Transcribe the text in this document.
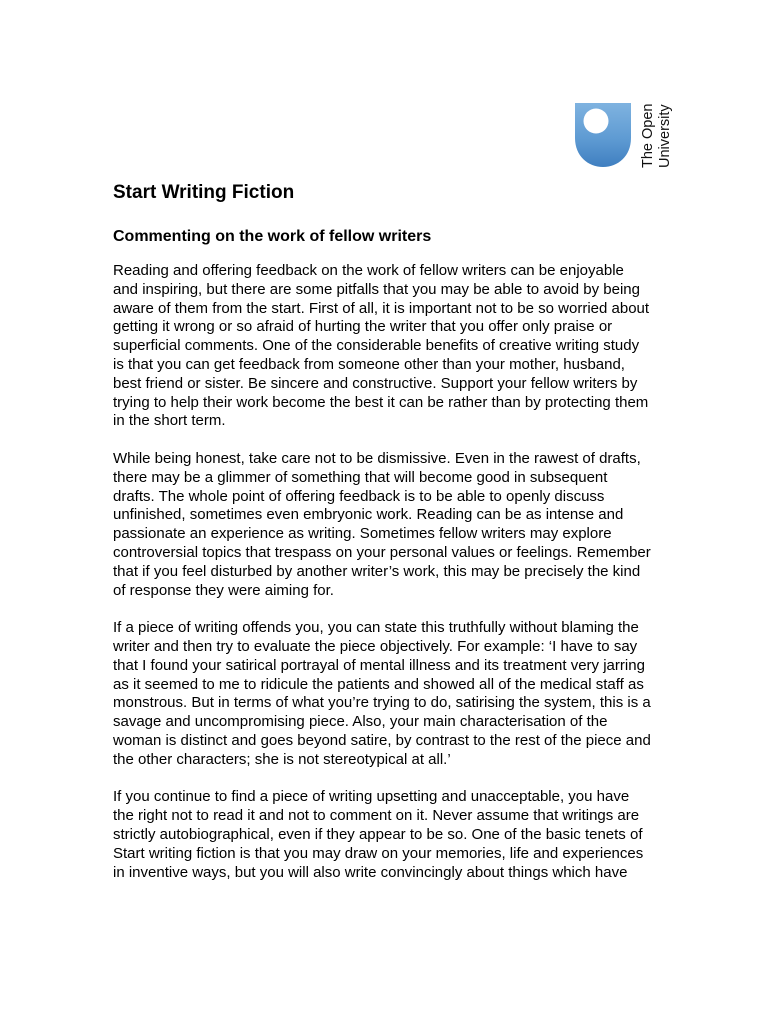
The Open University
Start Writing Fiction
Commenting on the work of fellow writers

Reading and offering feedback on the work of fellow writers can be enjoyable
and inspiring, but there are some pitfalls that you may be able to avoid by being
aware of them from the start. First of all, it is important not to be so worried about
getting it wrong or so afraid of hurting the writer that you offer only praise or
superficial comments. One of the considerable benefits of creative writing study
is that you can get feedback from someone other than your mother, husband,
best friend or sister. Be sincere and constructive. Support your fellow writers by
trying to help their work become the best it can be rather than by protecting them
in the short term.

While being honest, take care not to be dismissive. Even in the rawest of drafts,
there may be a glimmer of something that will become good in subsequent
drafts. The whole point of offering feedback is to be able to openly discuss
unfinished, sometimes even embryonic work. Reading can be as intense and
passionate an experience as writing. Sometimes fellow writers may explore
controversial topics that trespass on your personal values or feelings. Remember
that if you feel disturbed by another writer’s work, this may be precisely the kind
of response they were aiming for.

If a piece of writing offends you, you can state this truthfully without blaming the
writer and then try to evaluate the piece objectively. For example: ‘I have to say
that I found your satirical portrayal of mental illness and its treatment very jarring
as it seemed to me to ridicule the patients and showed all of the medical staff as
monstrous. But in terms of what you’re trying to do, satirising the system, this is a
savage and uncompromising piece. Also, your main characterisation of the
woman is distinct and goes beyond satire, by contrast to the rest of the piece and
the other characters; she is not stereotypical at all.’

If you continue to find a piece of writing upsetting and unacceptable, you have
the right not to read it and not to comment on it. Never assume that writings are
strictly autobiographical, even if they appear to be so. One of the basic tenets of
Start writing fiction is that you may draw on your memories, life and experiences
in inventive ways, but you will also write convincingly about things which have
